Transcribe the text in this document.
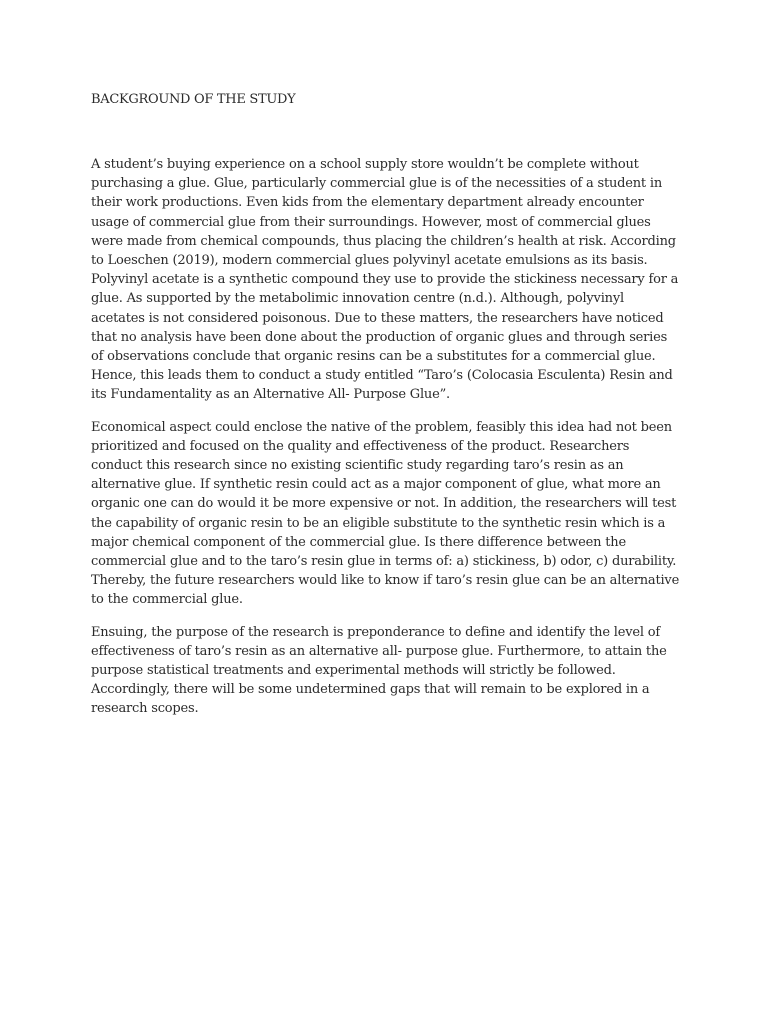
BACKGROUND OF THE STUDY

A student’s buying experience on a school supply store wouldn’t be complete without purchasing a glue. Glue, particularly commercial glue is of the necessities of a student in their work productions. Even kids from the elementary department already encounter usage of commercial glue from their surroundings. However, most of commercial glues were made from chemical compounds, thus placing the children’s health at risk. According to Loeschen (2019), modern commercial glues polyvinyl acetate emulsions as its basis. Polyvinyl acetate is a synthetic compound they use to provide the stickiness necessary for a glue. As supported by the metabolimic innovation centre (n.d.). Although, polyvinyl acetates is not considered poisonous. Due to these matters, the researchers have noticed that no analysis have been done about the production of organic glues and through series of observations conclude that organic resins can be a substitutes for a commercial glue. Hence, this leads them to conduct a study entitled “Taro’s (Colocasia Esculenta) Resin and its Fundamentality as an Alternative All- Purpose Glue”.

Economical aspect could enclose the native of the problem, feasibly this idea had not been prioritized and focused on the quality and effectiveness of the product. Researchers conduct this research since no existing scientific study regarding taro’s resin as an alternative glue. If synthetic resin could act as a major component of glue, what more an organic one can do would it be more expensive or not. In addition, the researchers will test the capability of organic resin to be an eligible substitute to the synthetic resin which is a major chemical component of the commercial glue. Is there difference between the commercial glue and to the taro’s resin glue in terms of: a) stickiness, b) odor, c) durability. Thereby, the future researchers would like to know if taro’s resin glue can be an alternative to the commercial glue.

Ensuing, the purpose of the research is preponderance to define and identify the level of effectiveness of taro’s resin as an alternative all- purpose glue. Furthermore, to attain the purpose statistical treatments and experimental methods will strictly be followed. Accordingly, there will be some undetermined gaps that will remain to be explored in a research scopes.
